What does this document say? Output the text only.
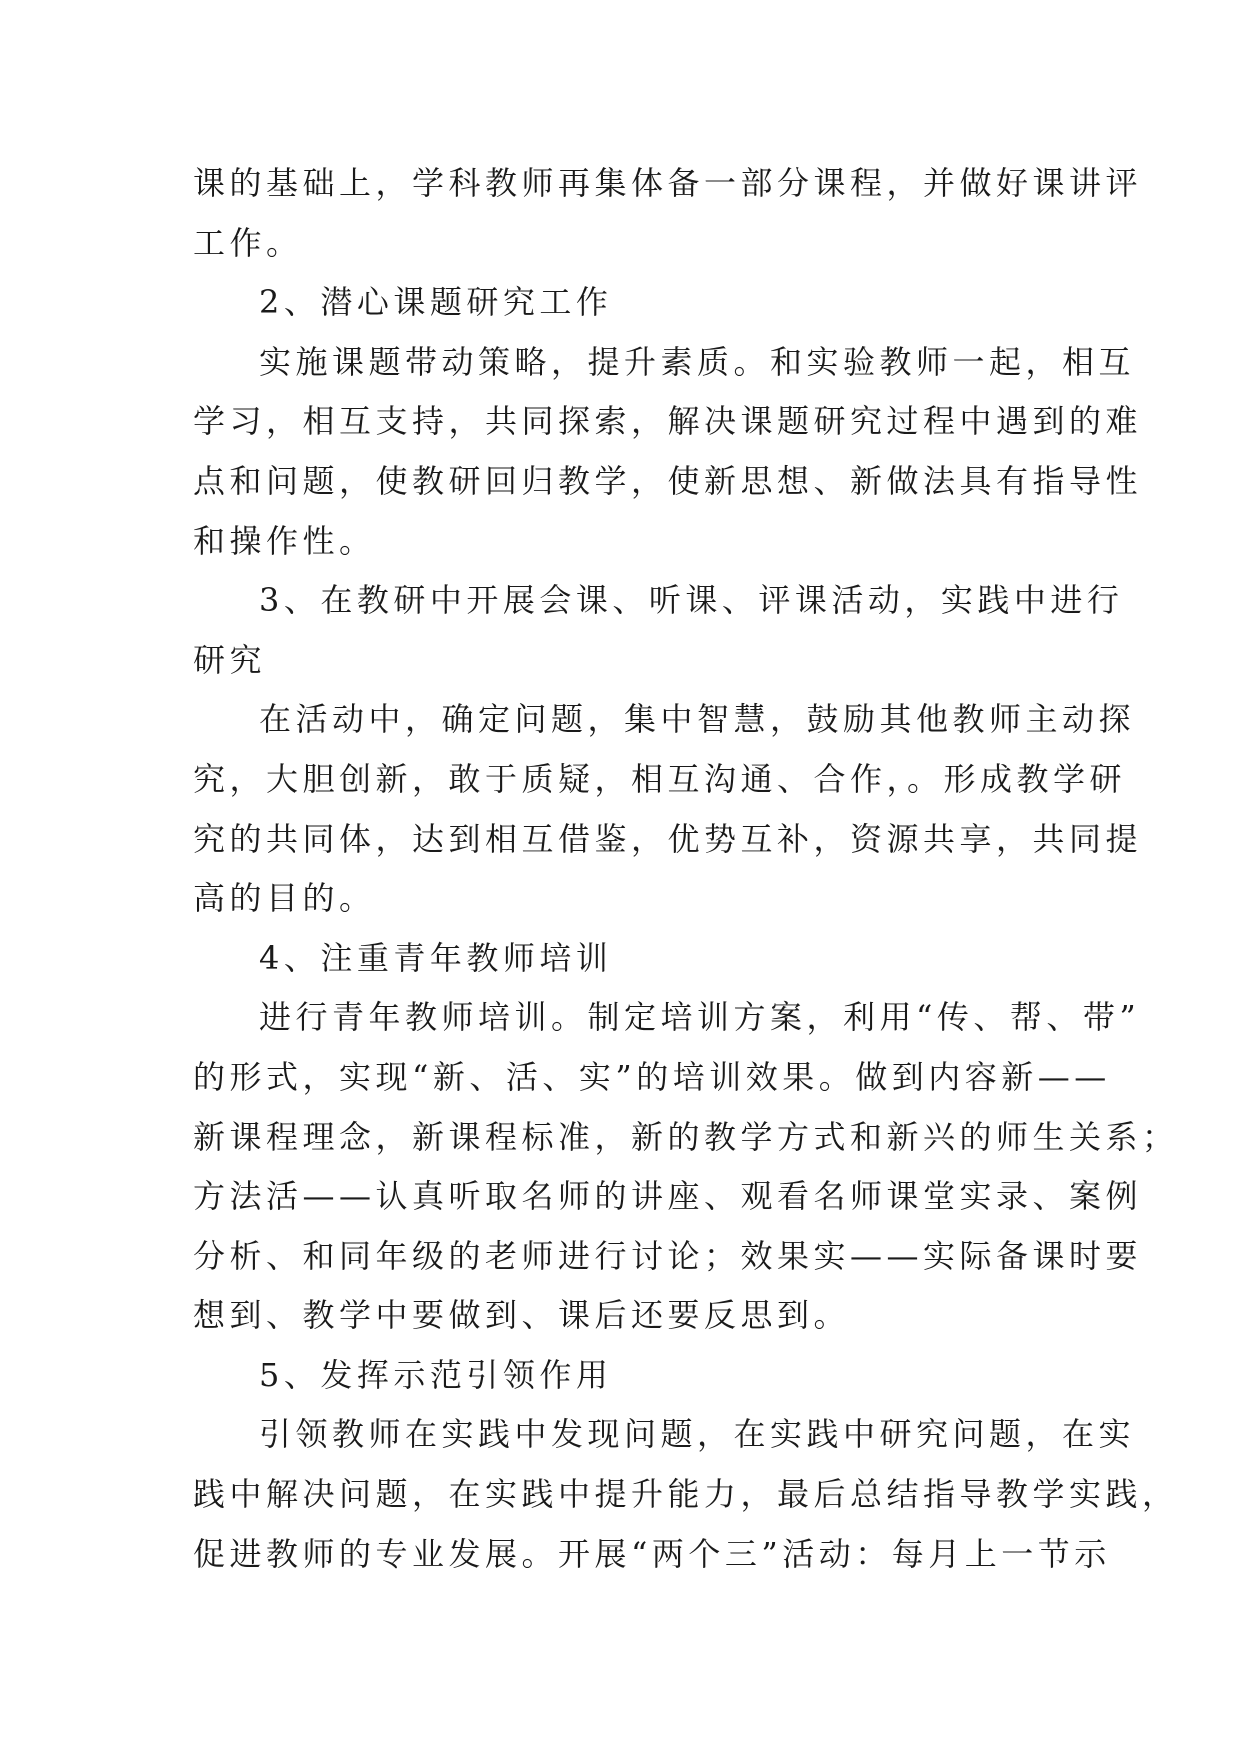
课的基础上，学科教师再集体备一部分课程，并做好课讲评
工作。
2、潜心课题研究工作
实施课题带动策略，提升素质。和实验教师一起，相互
学习，相互支持，共同探索，解决课题研究过程中遇到的难
点和问题，使教研回归教学，使新思想、新做法具有指导性
和操作性。
3、在教研中开展会课、听课、评课活动，实践中进行
研究
在活动中，确定问题，集中智慧，鼓励其他教师主动探
究，大胆创新，敢于质疑，相互沟通、合作，。形成教学研
究的共同体，达到相互借鉴，优势互补，资源共享，共同提
高的目的。
4、注重青年教师培训
进行青年教师培训。制定培训方案，利用“传、帮、带”
的形式，实现“新、活、实”的培训效果。做到内容新——
新课程理念，新课程标准，新的教学方式和新兴的师生关系；
方法活——认真听取名师的讲座、观看名师课堂实录、案例
分析、和同年级的老师进行讨论；效果实——实际备课时要
想到、教学中要做到、课后还要反思到。
5、发挥示范引领作用
引领教师在实践中发现问题，在实践中研究问题，在实
践中解决问题，在实践中提升能力，最后总结指导教学实践，
促进教师的专业发展。开展“两个三”活动：每月上一节示
